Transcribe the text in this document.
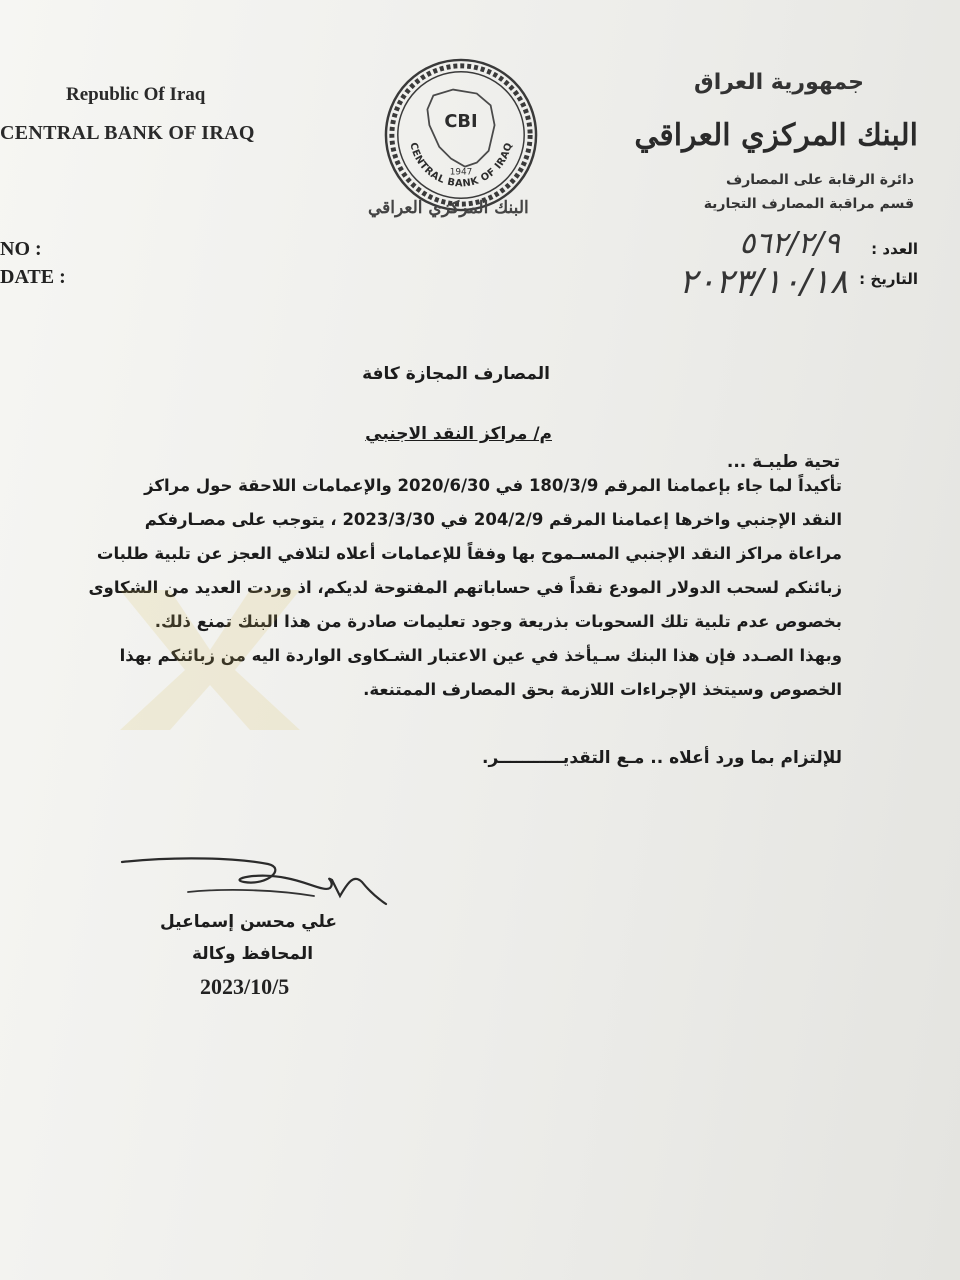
Republic Of Iraq
CENTRAL BANK OF IRAQ
NO :
DATE :
CBI
1947
CENTRAL BANK OF IRAQ
البنك المركزي العراقي
جمهورية العراق
البنك المركزي العراقي
دائرة الرقابة على المصارف
قسم مراقبة المصارف التجارية
العدد :
التاريخ :
٥٦٢/٢/٩
٢٠٢٣/١٠/١٨
المصارف المجازة كافة
م/ مراكز النقد الاجنبي
تحية طيبـة ...
تأكيداً لما جاء بإعمامنا المرقم 180/3/9 في 2020/6/30 والإعمامات اللاحقة حول مراكز
النقد الإجنبي واخرها إعمامنا المرقم 204/2/9 في 2023/3/30 ، يتوجب على مصـارفكم
مراعاة مراكز النقد الإجنبي المسـموح بها وفقاً للإعمامات أعلاه لتلافي العجز عن تلبية طلبات
زبائنكم لسحب الدولار المودع نقداً في حساباتهم المفتوحة لديكم، اذ وردت العديد من الشكاوى
بخصوص عدم تلبية تلك السحوبات بذريعة وجود تعليمات صادرة من هذا البنك تمنع ذلك.
وبهذا الصـدد فإن هذا البنك سـيأخذ في عين الاعتبار الشـكاوى الواردة اليه من زبائنكم بهذا
الخصوص وسيتخذ الإجراءات اللازمة بحق المصارف الممتنعة.
للإلتزام بما ورد أعلاه .. مـع التقديـــــــــــر.
علي محسن إسماعيل
المحافظ وكالة
2023/10/5
